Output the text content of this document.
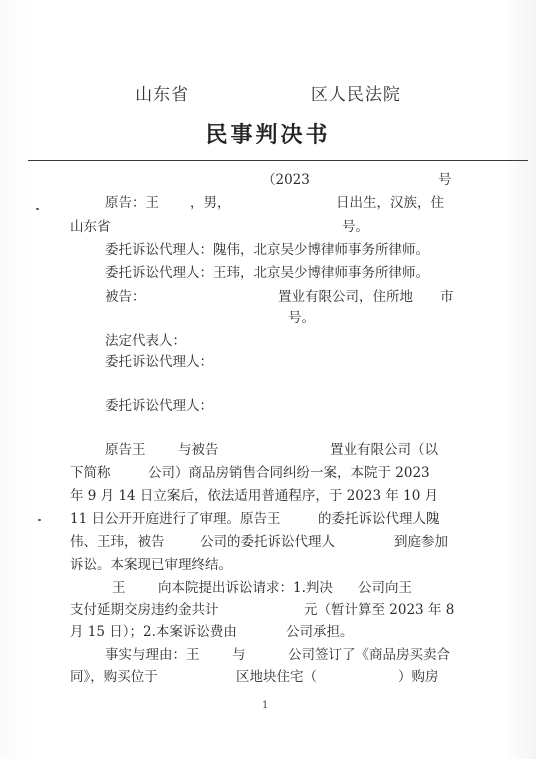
山东省                   区人民法院
民事判决书
（2023	号
原告：王 ，男，	日出生，汉族，住
山东省	号。
委托诉讼代理人：隗伟，北京吴少博律师事务所律师。
委托诉讼代理人：王玮，北京吴少博律师事务所律师。
被告：	置业有限公司，住所地 市
号。
法定代表人：
委托诉讼代理人：
委托诉讼代理人：
原告王 与被告	置业有限公司（以
下简称	公司）商品房销售合同纠纷一案，本院于 2023
年 9 月 14 日立案后，依法适用普通程序，于 2023 年 10 月
11 日公开开庭进行了审理。原告王	的委托诉讼代理人隗
伟、王玮，被告	公司的委托诉讼代理人	到庭参加
诉讼。本案现已审理终结。
王 向本院提出诉讼请求：1.判决 公司向王
支付延期交房违约金共计	元（暂计算至 2023 年 8
月 15 日）；2.本案诉讼费由	公司承担。
事实与理由：王 与	公司签订了《商品房买卖合
同》，购买位于	区地块住宅（	）购房
1
